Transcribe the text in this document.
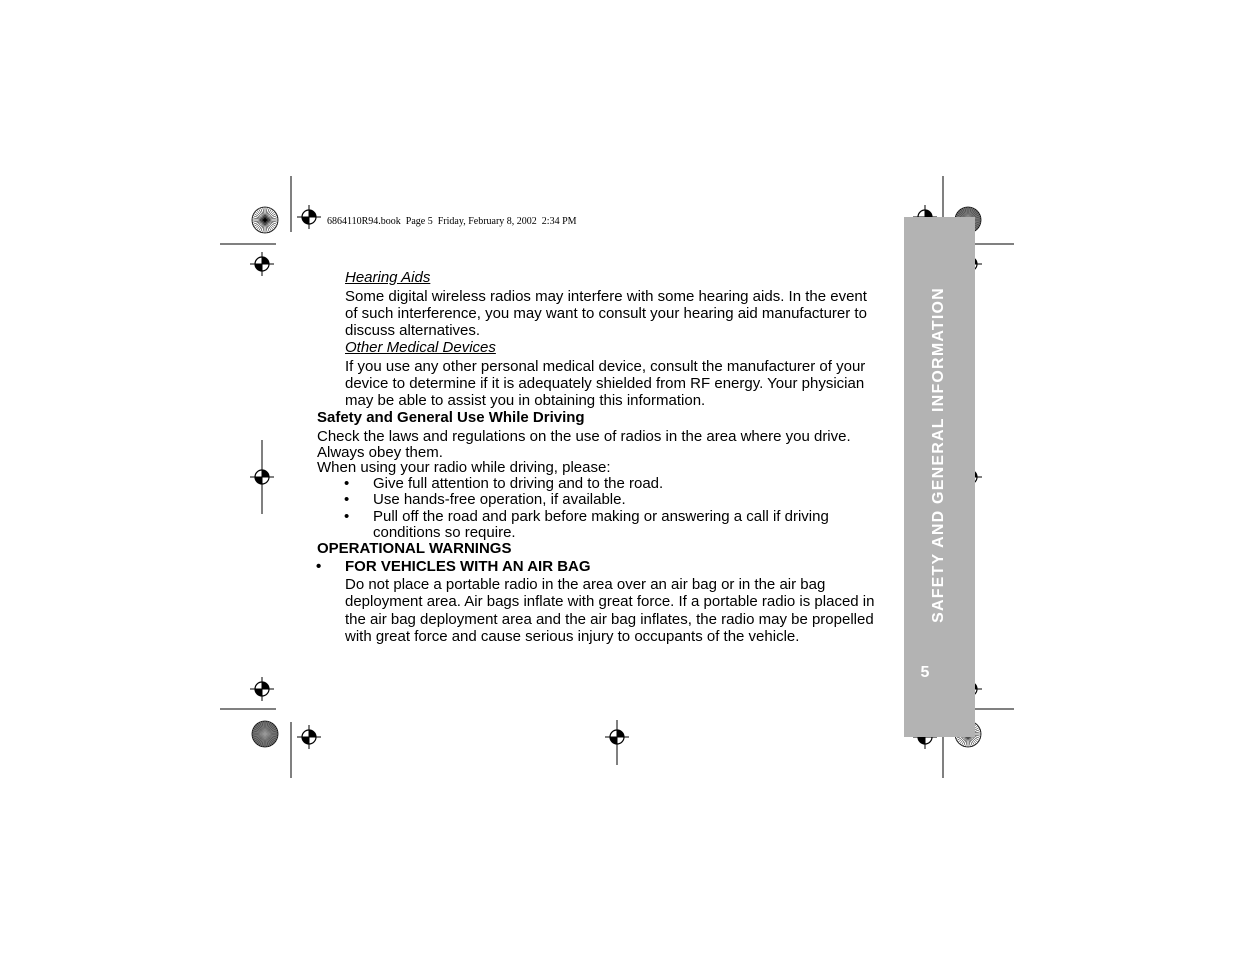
6864110R94.book  Page 5  Friday, February 8, 2002  2:34 PM
SAFETY AND GENERAL INFORMATION
5
Hearing Aids
Some digital wireless radios may interfere with some hearing aids. In the event
of such interference, you may want to consult your hearing aid manufacturer to
discuss alternatives.
Other Medical Devices
If you use any other personal medical device, consult the manufacturer of your
device to determine if it is adequately shielded from RF energy. Your physician
may be able to assist you in obtaining this information.
Safety and General Use While Driving
Check the laws and regulations on the use of radios in the area where you drive.
Always obey them.
When using your radio while driving, please:
• Give full attention to driving and to the road.
• Use hands-free operation, if available.
• Pull off the road and park before making or answering a call if driving
conditions so require.
OPERATIONAL WARNINGS
• FOR VEHICLES WITH AN AIR BAG
Do not place a portable radio in the area over an air bag or in the air bag
deployment area. Air bags inflate with great force. If a portable radio is placed in
the air bag deployment area and the air bag inflates, the radio may be propelled
with great force and cause serious injury to occupants of the vehicle.
